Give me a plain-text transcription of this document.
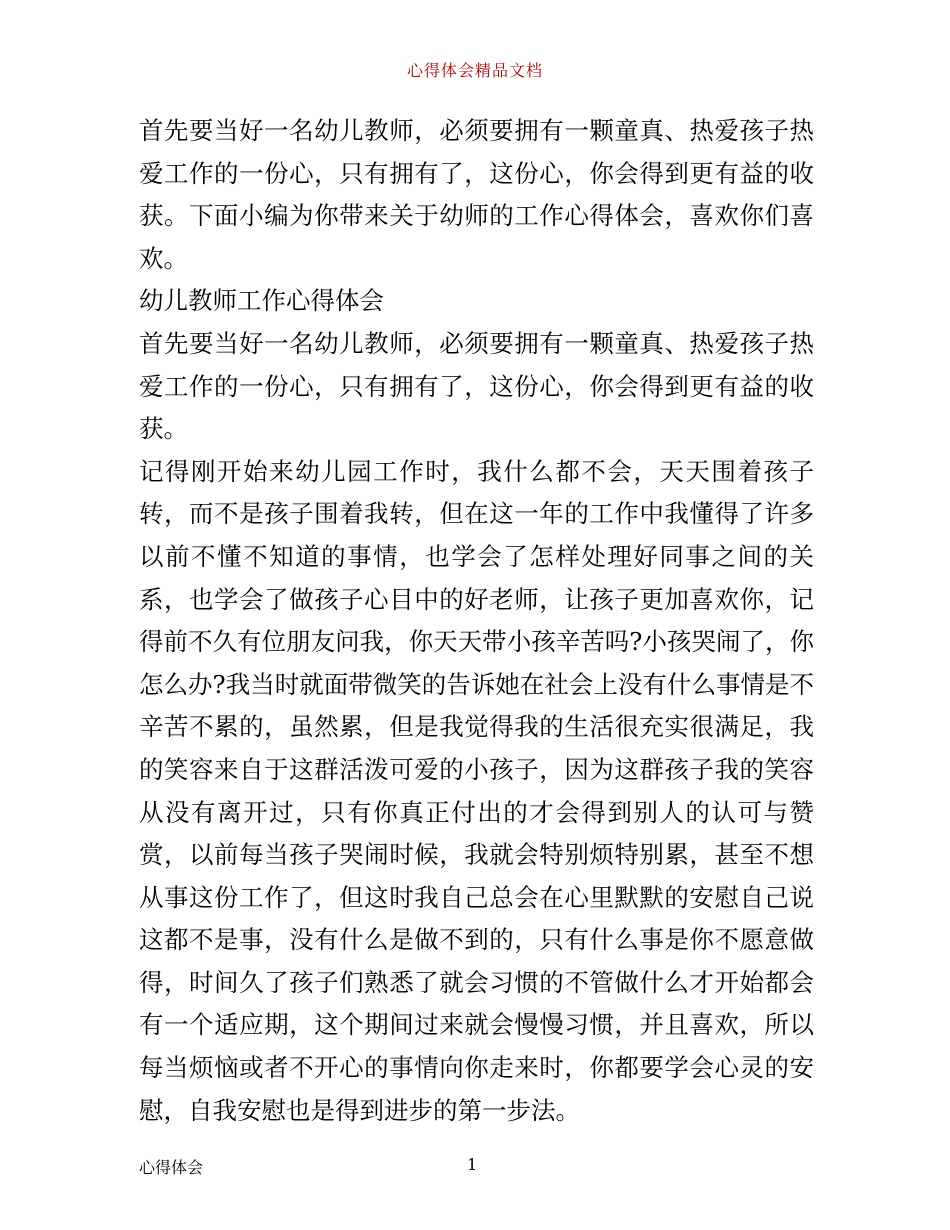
心得体会精品文档

首先要当好一名幼儿教师，必须要拥有一颗童真、热爱孩子热爱工作的一份心，只有拥有了，这份心，你会得到更有益的收获。下面小编为你带来关于幼师的工作心得体会，喜欢你们喜欢。

幼儿教师工作心得体会

首先要当好一名幼儿教师，必须要拥有一颗童真、热爱孩子热爱工作的一份心，只有拥有了，这份心，你会得到更有益的收获。

记得刚开始来幼儿园工作时，我什么都不会，天天围着孩子转，而不是孩子围着我转，但在这一年的工作中我懂得了许多以前不懂不知道的事情，也学会了怎样处理好同事之间的关系，也学会了做孩子心目中的好老师，让孩子更加喜欢你，记得前不久有位朋友问我，你天天带小孩辛苦吗?小孩哭闹了，你怎么办?我当时就面带微笑的告诉她在社会上没有什么事情是不辛苦不累的，虽然累，但是我觉得我的生活很充实很满足，我的笑容来自于这群活泼可爱的小孩子，因为这群孩子我的笑容从没有离开过，只有你真正付出的才会得到别人的认可与赞赏，以前每当孩子哭闹时候，我就会特别烦特别累，甚至不想从事这份工作了，但这时我自己总会在心里默默的安慰自己说这都不是事，没有什么是做不到的，只有什么事是你不愿意做得，时间久了孩子们熟悉了就会习惯的不管做什么才开始都会有一个适应期，这个期间过来就会慢慢习惯，并且喜欢，所以每当烦恼或者不开心的事情向你走来时，你都要学会心灵的安慰，自我安慰也是得到进步的第一步法。

心得体会	1
